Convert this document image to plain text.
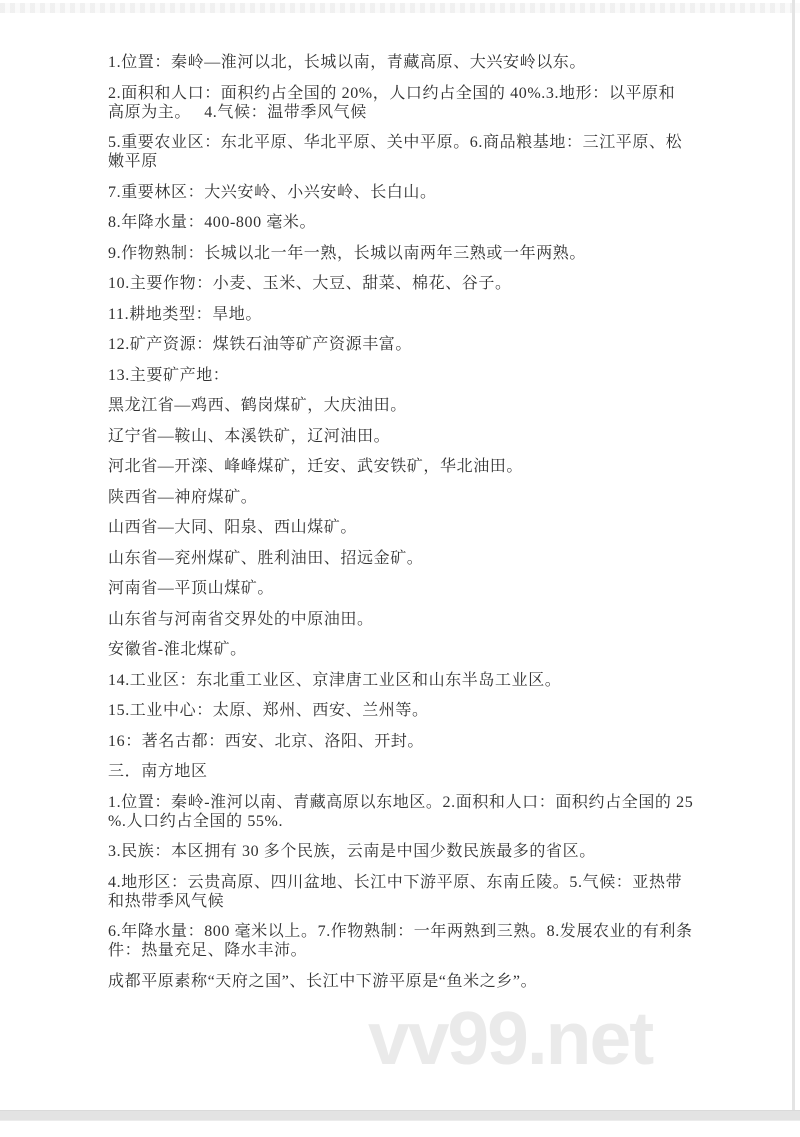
1.位置：秦岭—淮河以北，长城以南，青藏高原、大兴安岭以东。
2.面积和人口：面积约占全国的 20%，人口约占全国的 40%.3.地形：以平原和
高原为主。　 4.气候：温带季风气候
5.重要农业区：东北平原、华北平原、关中平原。6.商品粮基地：三江平原、松
嫩平原
7.重要林区：大兴安岭、小兴安岭、长白山。
8.年降水量：400-800 毫米。
9.作物熟制：长城以北一年一熟，长城以南两年三熟或一年两熟。
10.主要作物：小麦、玉米、大豆、甜菜、棉花、谷子。
11.耕地类型：旱地。
12.矿产资源：煤铁石油等矿产资源丰富。
13.主要矿产地：
黑龙江省—鸡西、鹤岗煤矿，大庆油田。
辽宁省—鞍山、本溪铁矿，辽河油田。
河北省—开滦、峰峰煤矿，迁安、武安铁矿，华北油田。
陕西省—神府煤矿。
山西省—大同、阳泉、西山煤矿。
山东省—兖州煤矿、胜利油田、招远金矿。
河南省—平顶山煤矿。
山东省与河南省交界处的中原油田。
安徽省-淮北煤矿。
14.工业区：东北重工业区、京津唐工业区和山东半岛工业区。
15.工业中心：太原、郑州、西安、兰州等。
16：著名古都：西安、北京、洛阳、开封。
三．南方地区
1.位置：秦岭-淮河以南、青藏高原以东地区。2.面积和人口：面积约占全国的 25
%.人口约占全国的 55%.
3.民族：本区拥有 30 多个民族，云南是中国少数民族最多的省区。
4.地形区：云贵高原、四川盆地、长江中下游平原、东南丘陵。5.气候：亚热带
和热带季风气候
6.年降水量：800 毫米以上。7.作物熟制：一年两熟到三熟。8.发展农业的有利条
件：热量充足、降水丰沛。
成都平原素称“天府之国”、长江中下游平原是“鱼米之乡”。
vv99.net
